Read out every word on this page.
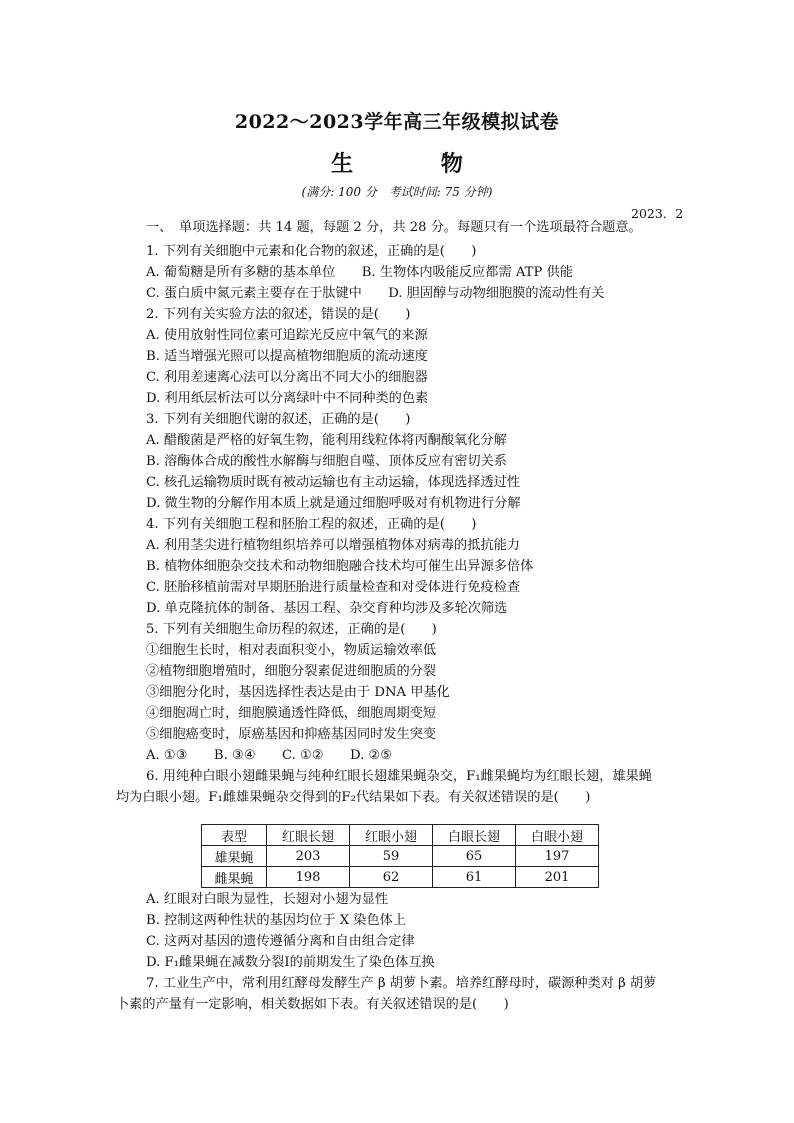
2022～2023学年高三年级模拟试卷
生 物
(满分: 100 分　考试时间: 75 分钟)
2023．2
一、　单项选择题：共 14 题，每题 2 分，共 28 分。每题只有一个选项最符合题意。
1. 下列有关细胞中元素和化合物的叙述，正确的是(　　)
A. 葡萄糖是所有多糖的基本单位　　B. 生物体内吸能反应都需 ATP 供能
C. 蛋白质中氮元素主要存在于肽键中　　D. 胆固醇与动物细胞膜的流动性有关
2. 下列有关实验方法的叙述，错误的是(　　)
A. 使用放射性同位素可追踪光反应中氧气的来源
B. 适当增强光照可以提高植物细胞质的流动速度
C. 利用差速离心法可以分离出不同大小的细胞器
D. 利用纸层析法可以分离绿叶中不同种类的色素
3. 下列有关细胞代谢的叙述，正确的是(　　)
A. 醋酸菌是严格的好氧生物，能利用线粒体将丙酮酸氧化分解
B. 溶酶体合成的酸性水解酶与细胞自噬、顶体反应有密切关系
C. 核孔运输物质时既有被动运输也有主动运输，体现选择透过性
D. 微生物的分解作用本质上就是通过细胞呼吸对有机物进行分解
4. 下列有关细胞工程和胚胎工程的叙述，正确的是(　　)
A. 利用茎尖进行植物组织培养可以增强植物体对病毒的抵抗能力
B. 植物体细胞杂交技术和动物细胞融合技术均可催生出异源多倍体
C. 胚胎移植前需对早期胚胎进行质量检查和对受体进行免疫检查
D. 单克隆抗体的制备、基因工程、杂交育种均涉及多轮次筛选
5. 下列有关细胞生命历程的叙述，正确的是(　　)
①细胞生长时，相对表面积变小，物质运输效率低
②植物细胞增殖时，细胞分裂素促进细胞质的分裂
③细胞分化时，基因选择性表达是由于 DNA 甲基化
④细胞凋亡时，细胞膜通透性降低，细胞周期变短
⑤细胞癌变时，原癌基因和抑癌基因同时发生突变
A. ①③　　B. ③④　　C. ①②　　D. ②⑤
6. 用纯种白眼小翅雌果蝇与纯种红眼长翅雄果蝇杂交，F₁雌果蝇均为红眼长翅，雄果蝇
均为白眼小翅。F₁雌雄果蝇杂交得到的F₂代结果如下表。有关叙述错误的是(　　)
表型	红眼长翅	红眼小翅	白眼长翅	白眼小翅
雄果蝇	203	59	65	197
雌果蝇	198	62	61	201
A. 红眼对白眼为显性，长翅对小翅为显性
B. 控制这两种性状的基因均位于 X 染色体上
C. 这两对基因的遗传遵循分离和自由组合定律
D. F₁雌果蝇在减数分裂Ⅰ的前期发生了染色体互换
7. 工业生产中，常利用红酵母发酵生产 β 胡萝卜素。培养红酵母时，碳源种类对 β 胡萝
卜素的产量有一定影响，相关数据如下表。有关叙述错误的是(　　)
